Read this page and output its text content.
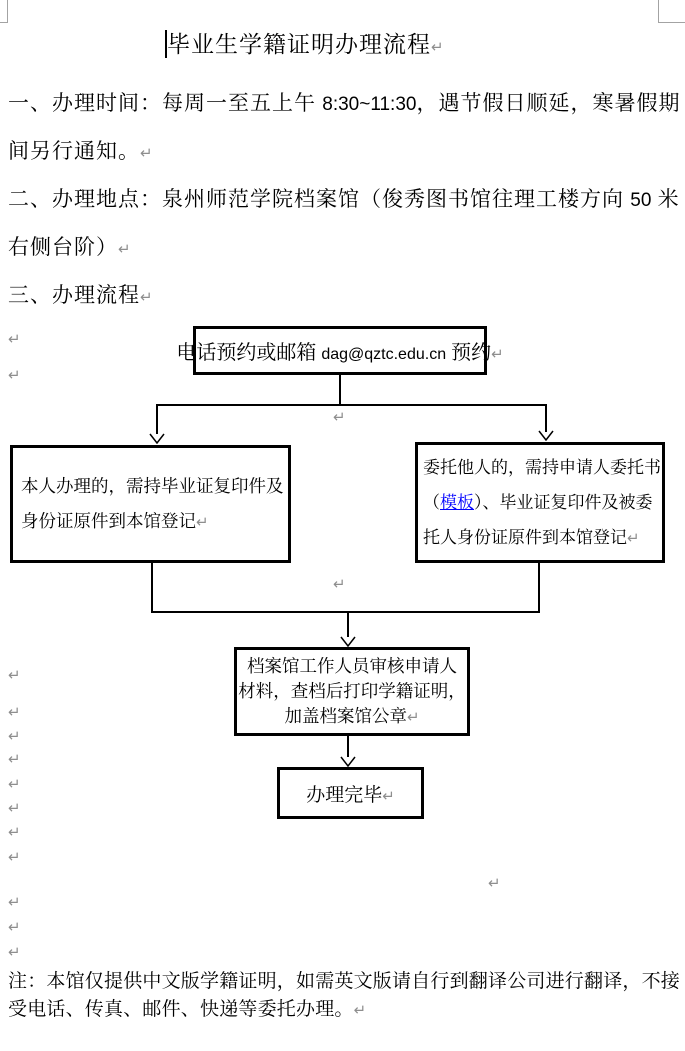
毕业生学籍证明办理流程↵
一、办理时间：每周一至五上午 8:30~11:30，遇节假日顺延，寒暑假期
间另行通知。↵
二、办理地点：泉州师范学院档案馆（俊秀图书馆往理工楼方向 50 米
右侧台阶）↵
三、办理流程↵
↵
↵
↵
↵
↵
↵
↵
↵
↵
↵
↵
↵
↵
↵
↵
↵
电话预约或邮箱 dag@qztc.edu.cn 预约↵
本人办理的，需持毕业证复印件及
身份证原件到本馆登记↵
委托他人的，需持申请人委托书
（模板）、毕业证复印件及被委
托人身份证原件到本馆登记↵
档案馆工作人员审核申请人
材料，查档后打印学籍证明，
加盖档案馆公章↵
办理完毕↵
注：本馆仅提供中文版学籍证明，如需英文版请自行到翻译公司进行翻译，不接
受电话、传真、邮件、快递等委托办理。↵
